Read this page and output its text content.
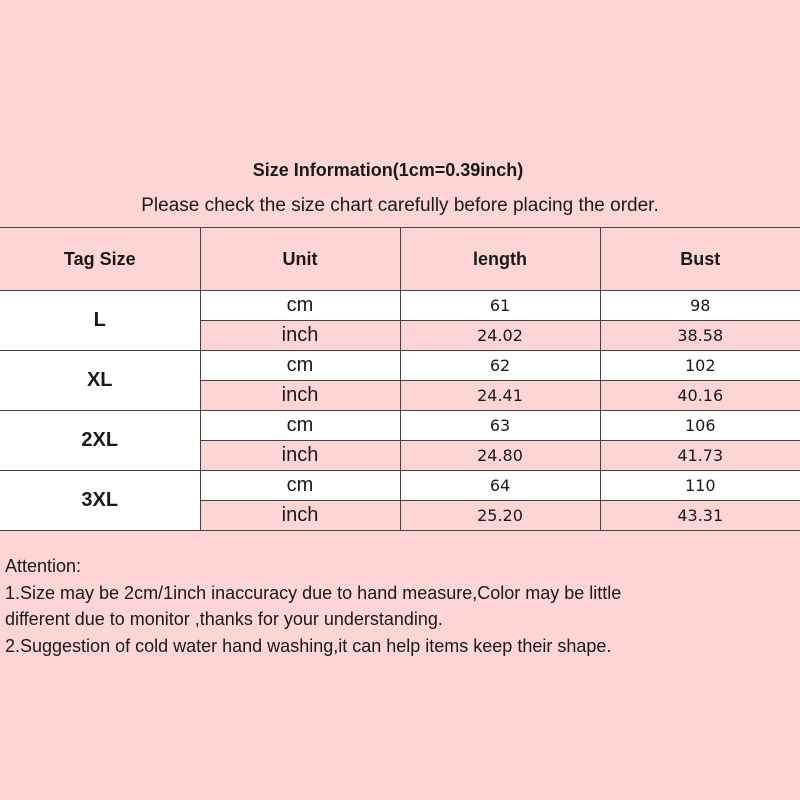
Size Information(1cm=0.39inch)
Please check the size chart carefully before placing the order.
Tag Size	Unit	length	Bust
L	cm	61	98
	inch	24.02	38.58
XL	cm	62	102
	inch	24.41	40.16
2XL	cm	63	106
	inch	24.80	41.73
3XL	cm	64	110
	inch	25.20	43.31
Attention:
1.Size may be 2cm/1inch inaccuracy due to hand measure,Color may be little
different due to monitor ,thanks for your understanding.
2.Suggestion of cold water hand washing,it can help items keep their shape.
